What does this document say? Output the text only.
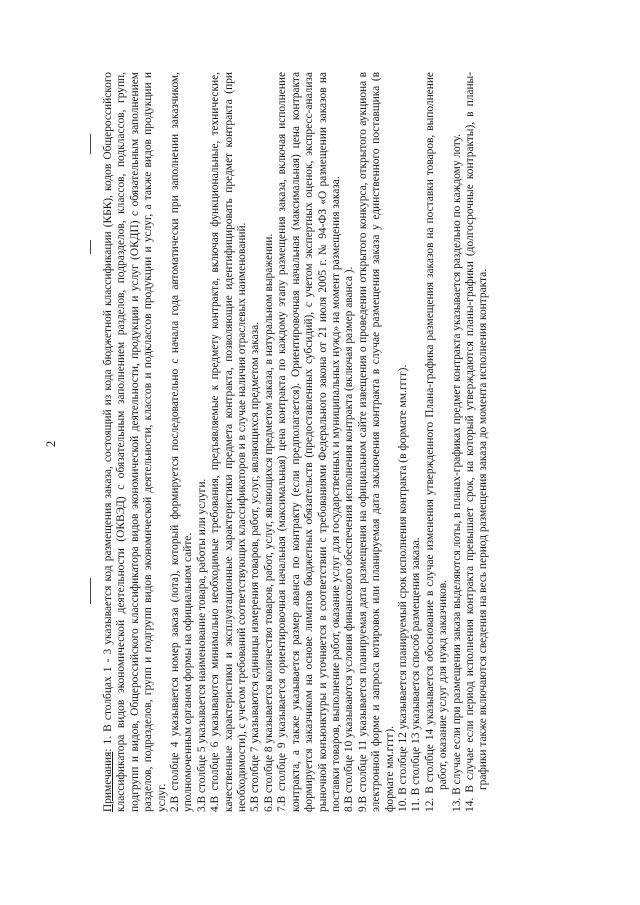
2

Примечания: 1. В столбцах 1 - 3 указывается код размещения заказа, состоящий из кода бюджетной классификации (КБК), кодов Общероссийского классификатора видов экономической деятельности (ОКВЭД) с обязательным заполнением разделов, подразделов, классов, подклассов, групп, подгрупп и видов, Общероссийского классификатора видов экономической деятельности, продукции и услуг (ОКДП) с обязательным заполнением разделов, подразделов, групп и подгрупп видов экономической деятельности, классов и подклассов продукции и услуг, а также видов продукции и услуг. 2.В столбце 4 указывается номер заказа (лота), который формируется последовательно с начала года автоматически при заполнении заказчиком, уполномоченным органом формы на официальном сайте. 3.В столбце 5 указывается наименование товара, работы или услуги.

4.В столбце 6 указываются минимально необходимые требования, предъявляемые к предмету контракта, включая функциональные, технические, качественные характеристики и эксплуатационные характеристики предмета контракта, позволяющие идентифицировать предмет контракта (при необходимости), с учетом требований соответствующих классификаторов и в случае наличия отраслевых наименований. 5.В столбце 7 указываются единицы измерения товаров, работ, услуг, являющихся предметом заказа.

6.В столбце 8 указывается количество товаров, работ, услуг, являющихся предметом заказа, в натуральном выражении.

7.В столбце 9 указывается ориентировочная начальная (максимальная) цена контракта по каждому этапу размещения заказа, включая исполнение контракта, а также указывается размер аванса по контракту (если предполагается). Ориентировочная начальная (максимальная) цена контракта формируется заказчиком на основе лимитов бюджетных обязательств (предоставленных субсидий), с учетом экспертных оценок, экспресс-анализа рыночной конъюнктуры и уточняется в соответствии с требованиями Федерального закона от 21 июля 2005 г. № 94-ФЗ «О размещении заказов на поставки товаров, выполнение работ, оказание услуг для государственных и муниципальных нужд» на момент размещения заказа. 8.В столбце 10 указываются условия финансового обеспечения исполнения контракта (включая размер аванса ).

9.В столбце 11 указывается планируемая дата размещения на официальном сайте извещения о проведении открытого конкурса, открытого аукциона в электронной форме и запроса котировок или планируемая дата заключения контракта в случае размещения заказа у единственного поставщика (в формате мм.гггг). 10. В столбце 12 указывается планируемый срок исполнения контракта (в формате мм.гггг).

11. В столбце 13 указывается способ размещения заказа.

12. В столбце 14 указывается обоснование в случае изменения утвержденного Плана-графика размещения заказов на поставки товаров, выполнение работ, оказание услуг для нужд заказчиков.

13. В случае если при размещении заказа выделяются лоты, в планах-графиках предмет контракта указывается раздельно по каждому лоту.

14. В случае если период исполнения контракта превышает срок, на который утверждаются планы-графики (долгосрочные контракты), в планы-графики также включаются сведения на весь период размещения заказа до момента исполнения контракта.
